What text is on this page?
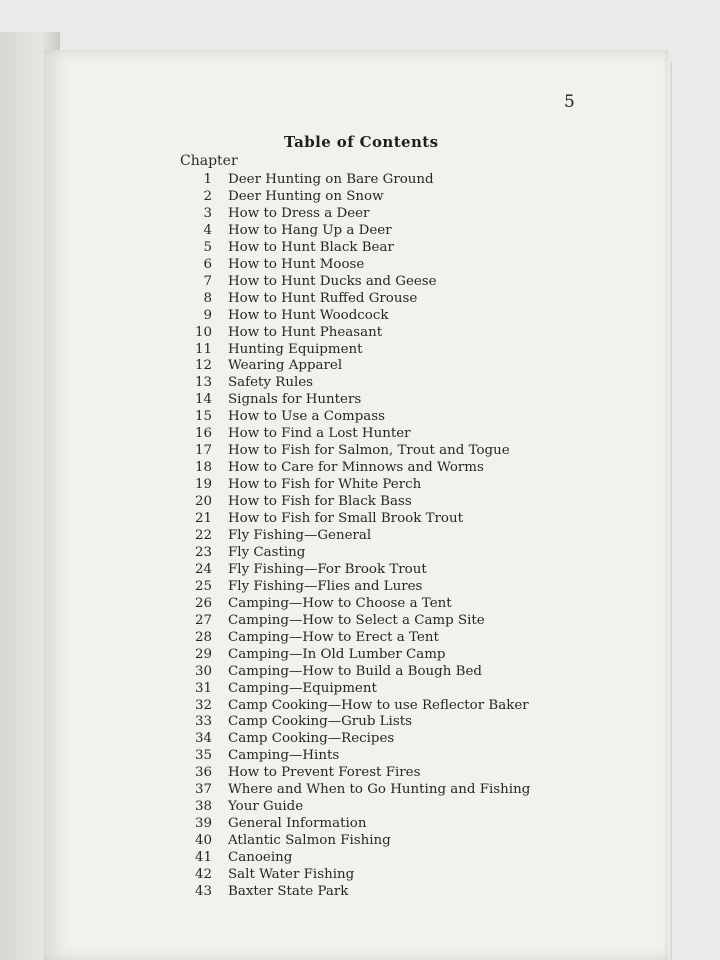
5
Table of Contents
Chapter
1 Deer Hunting on Bare Ground
2 Deer Hunting on Snow
3 How to Dress a Deer
4 How to Hang Up a Deer
5 How to Hunt Black Bear
6 How to Hunt Moose
7 How to Hunt Ducks and Geese
8 How to Hunt Ruffed Grouse
9 How to Hunt Woodcock
10 How to Hunt Pheasant
11 Hunting Equipment
12 Wearing Apparel
13 Safety Rules
14 Signals for Hunters
15 How to Use a Compass
16 How to Find a Lost Hunter
17 How to Fish for Salmon, Trout and Togue
18 How to Care for Minnows and Worms
19 How to Fish for White Perch
20 How to Fish for Black Bass
21 How to Fish for Small Brook Trout
22 Fly Fishing—General
23 Fly Casting
24 Fly Fishing—For Brook Trout
25 Fly Fishing—Flies and Lures
26 Camping—How to Choose a Tent
27 Camping—How to Select a Camp Site
28 Camping—How to Erect a Tent
29 Camping—In Old Lumber Camp
30 Camping—How to Build a Bough Bed
31 Camping—Equipment
32 Camp Cooking—How to use Reflector Baker
33 Camp Cooking—Grub Lists
34 Camp Cooking—Recipes
35 Camping—Hints
36 How to Prevent Forest Fires
37 Where and When to Go Hunting and Fishing
38 Your Guide
39 General Information
40 Atlantic Salmon Fishing
41 Canoeing
42 Salt Water Fishing
43 Baxter State Park
